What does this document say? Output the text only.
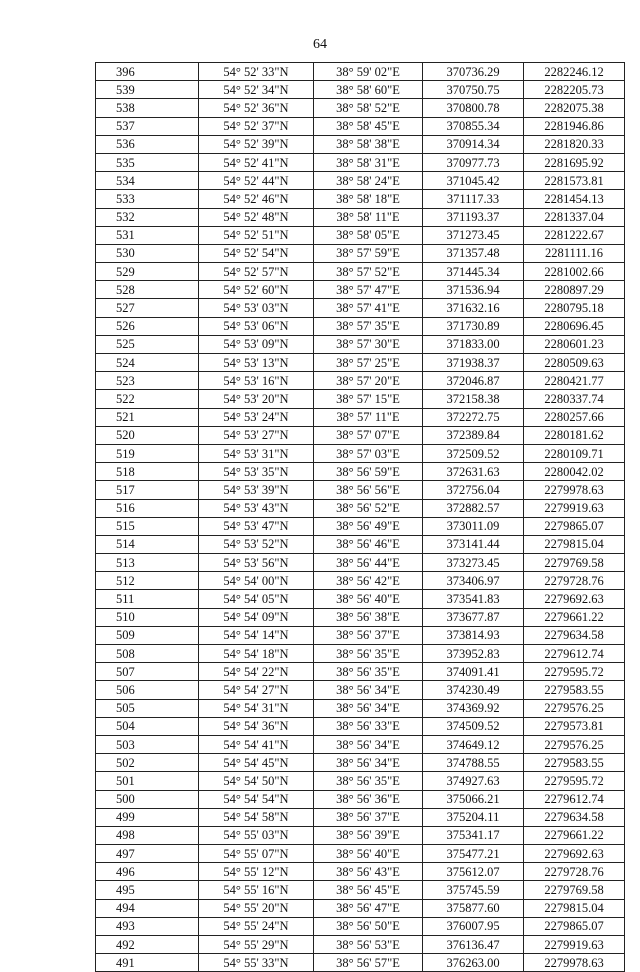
64
396	54° 52' 33"N	38° 59' 02"E	370736.29	2282246.12
539	54° 52' 34"N	38° 58' 60"E	370750.75	2282205.73
538	54° 52' 36"N	38° 58' 52"E	370800.78	2282075.38
537	54° 52' 37"N	38° 58' 45"E	370855.34	2281946.86
536	54° 52' 39"N	38° 58' 38"E	370914.34	2281820.33
535	54° 52' 41"N	38° 58' 31"E	370977.73	2281695.92
534	54° 52' 44"N	38° 58' 24"E	371045.42	2281573.81
533	54° 52' 46"N	38° 58' 18"E	371117.33	2281454.13
532	54° 52' 48"N	38° 58' 11"E	371193.37	2281337.04
531	54° 52' 51"N	38° 58' 05"E	371273.45	2281222.67
530	54° 52' 54"N	38° 57' 59"E	371357.48	2281111.16
529	54° 52' 57"N	38° 57' 52"E	371445.34	2281002.66
528	54° 52' 60"N	38° 57' 47"E	371536.94	2280897.29
527	54° 53' 03"N	38° 57' 41"E	371632.16	2280795.18
526	54° 53' 06"N	38° 57' 35"E	371730.89	2280696.45
525	54° 53' 09"N	38° 57' 30"E	371833.00	2280601.23
524	54° 53' 13"N	38° 57' 25"E	371938.37	2280509.63
523	54° 53' 16"N	38° 57' 20"E	372046.87	2280421.77
522	54° 53' 20"N	38° 57' 15"E	372158.38	2280337.74
521	54° 53' 24"N	38° 57' 11"E	372272.75	2280257.66
520	54° 53' 27"N	38° 57' 07"E	372389.84	2280181.62
519	54° 53' 31"N	38° 57' 03"E	372509.52	2280109.71
518	54° 53' 35"N	38° 56' 59"E	372631.63	2280042.02
517	54° 53' 39"N	38° 56' 56"E	372756.04	2279978.63
516	54° 53' 43"N	38° 56' 52"E	372882.57	2279919.63
515	54° 53' 47"N	38° 56' 49"E	373011.09	2279865.07
514	54° 53' 52"N	38° 56' 46"E	373141.44	2279815.04
513	54° 53' 56"N	38° 56' 44"E	373273.45	2279769.58
512	54° 54' 00"N	38° 56' 42"E	373406.97	2279728.76
511	54° 54' 05"N	38° 56' 40"E	373541.83	2279692.63
510	54° 54' 09"N	38° 56' 38"E	373677.87	2279661.22
509	54° 54' 14"N	38° 56' 37"E	373814.93	2279634.58
508	54° 54' 18"N	38° 56' 35"E	373952.83	2279612.74
507	54° 54' 22"N	38° 56' 35"E	374091.41	2279595.72
506	54° 54' 27"N	38° 56' 34"E	374230.49	2279583.55
505	54° 54' 31"N	38° 56' 34"E	374369.92	2279576.25
504	54° 54' 36"N	38° 56' 33"E	374509.52	2279573.81
503	54° 54' 41"N	38° 56' 34"E	374649.12	2279576.25
502	54° 54' 45"N	38° 56' 34"E	374788.55	2279583.55
501	54° 54' 50"N	38° 56' 35"E	374927.63	2279595.72
500	54° 54' 54"N	38° 56' 36"E	375066.21	2279612.74
499	54° 54' 58"N	38° 56' 37"E	375204.11	2279634.58
498	54° 55' 03"N	38° 56' 39"E	375341.17	2279661.22
497	54° 55' 07"N	38° 56' 40"E	375477.21	2279692.63
496	54° 55' 12"N	38° 56' 43"E	375612.07	2279728.76
495	54° 55' 16"N	38° 56' 45"E	375745.59	2279769.58
494	54° 55' 20"N	38° 56' 47"E	375877.60	2279815.04
493	54° 55' 24"N	38° 56' 50"E	376007.95	2279865.07
492	54° 55' 29"N	38° 56' 53"E	376136.47	2279919.63
491	54° 55' 33"N	38° 56' 57"E	376263.00	2279978.63
